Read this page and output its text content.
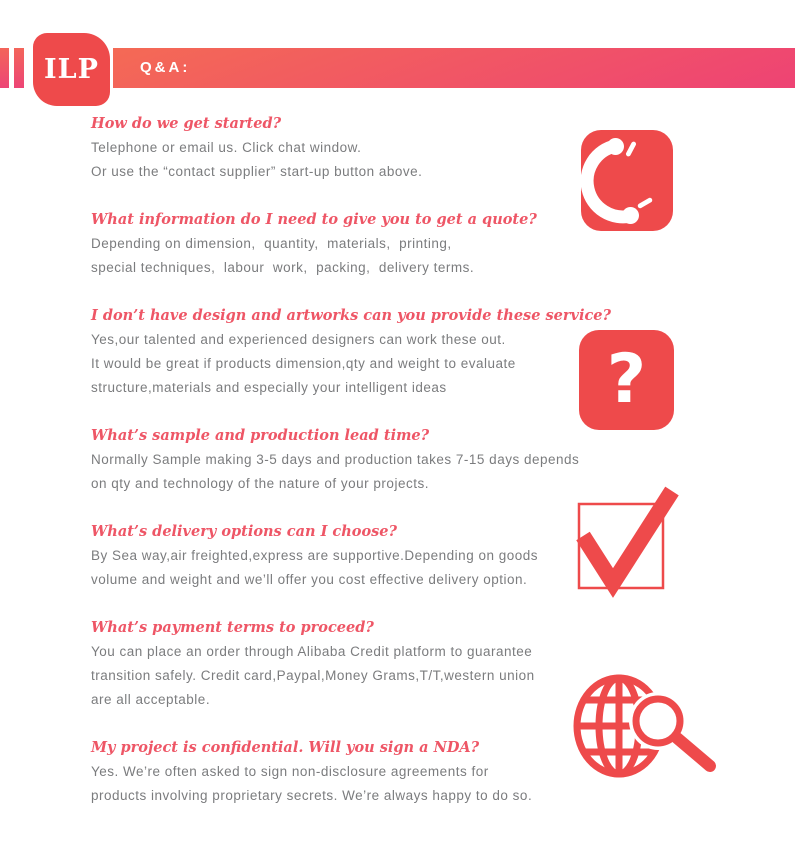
ILP	Q&A:
How do we get started?
Telephone or email us. Click chat window.
Or use the “contact supplier” start-up button above.
What information do I need to give you to get a quote?
Depending on dimension,  quantity,  materials,  printing,
special techniques,  labour  work,  packing,  delivery terms.
I don’t have design and artworks can you provide these service?
Yes,our talented and experienced designers can work these out.
It would be great if products dimension,qty and weight to evaluate
structure,materials and especially your intelligent ideas
What’s sample and production lead time?
Normally Sample making 3-5 days and production takes 7-15 days depends
on qty and technology of the nature of your projects.
What’s delivery options can I choose?
By Sea way,air freighted,express are supportive.Depending on goods
volume and weight and we’ll offer you cost effective delivery option.
What’s payment terms to proceed?
You can place an order through Alibaba Credit platform to guarantee
transition safely. Credit card,Paypal,Money Grams,T/T,western union
are all acceptable.
My project is confidential. Will you sign a NDA?
Yes. We’re often asked to sign non-disclosure agreements for
products involving proprietary secrets. We’re always happy to do so.
?
